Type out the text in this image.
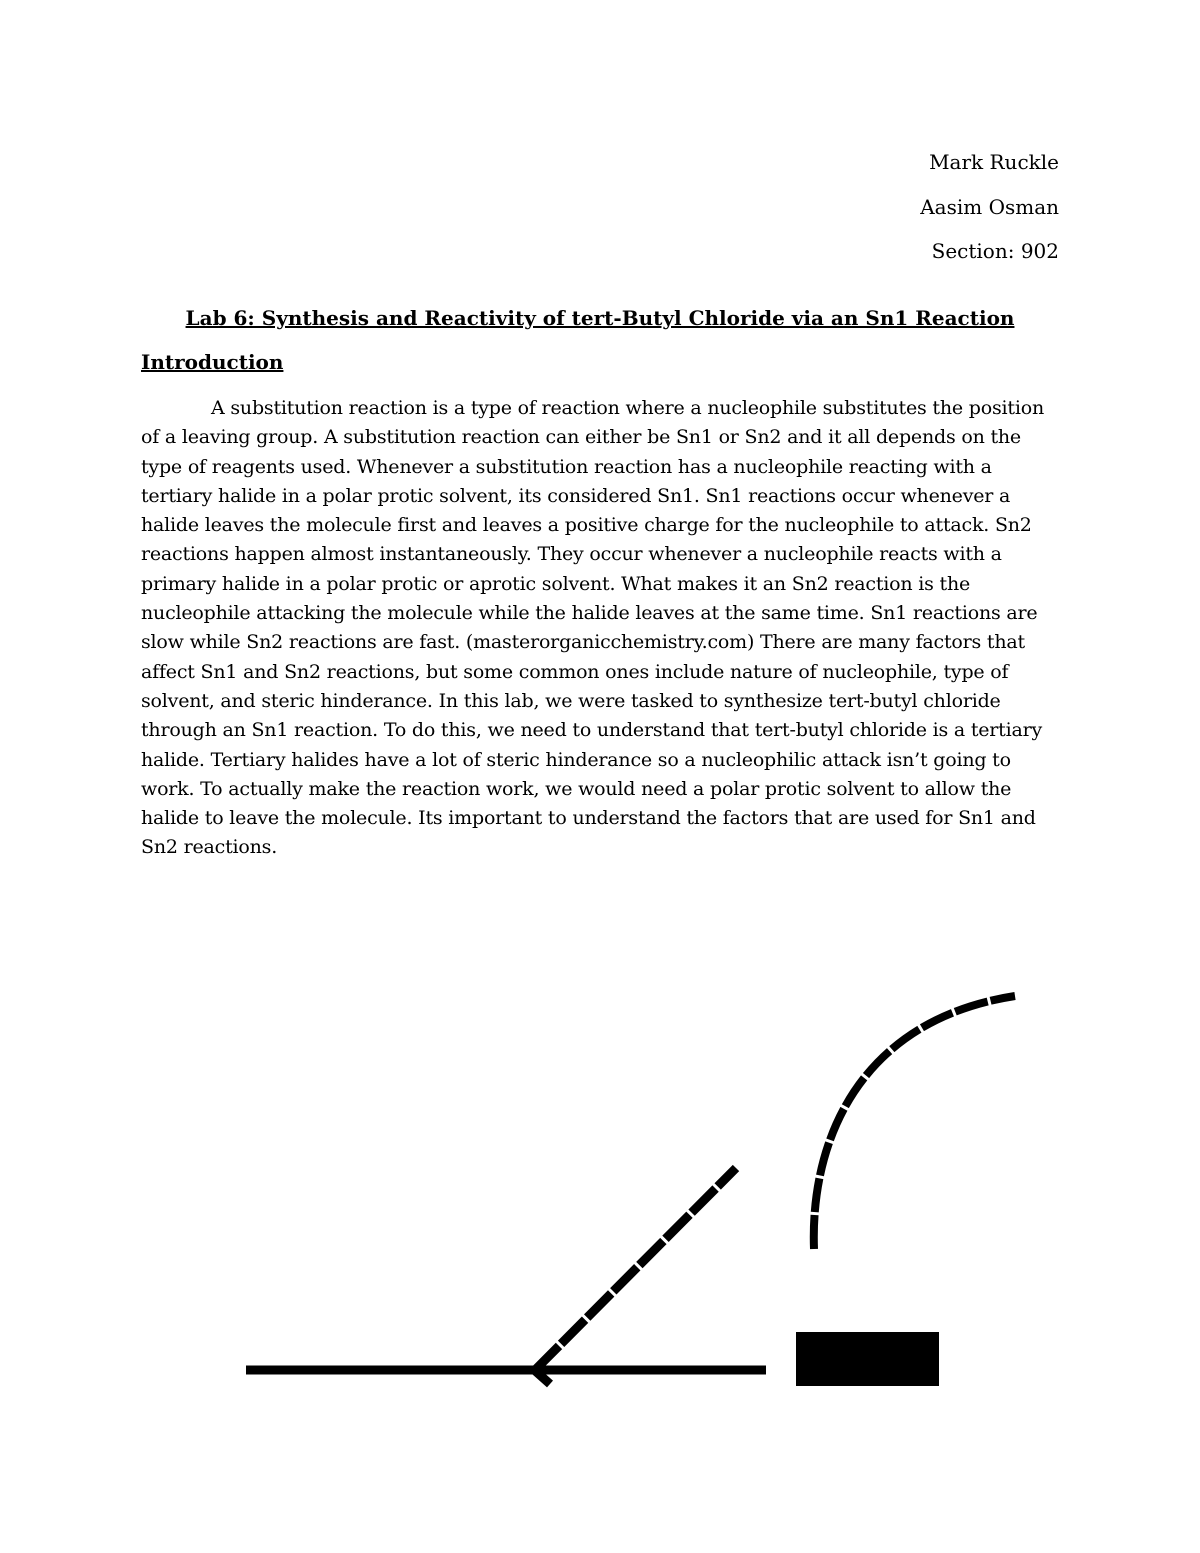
Mark Ruckle
Aasim Osman
Section: 902
Lab 6: Synthesis and Reactivity of tert-Butyl Chloride via an Sn1 Reaction
Introduction

A substitution reaction is a type of reaction where a nucleophile substitutes the position of a leaving group. A substitution reaction can either be Sn1 or Sn2 and it all depends on the type of reagents used. Whenever a substitution reaction has a nucleophile reacting with a tertiary halide in a polar protic solvent, its considered Sn1. Sn1 reactions occur whenever a halide leaves the molecule first and leaves a positive charge for the nucleophile to attack. Sn2 reactions happen almost instantaneously. They occur whenever a nucleophile reacts with a primary halide in a polar protic or aprotic solvent. What makes it an Sn2 reaction is the nucleophile attacking the molecule while the halide leaves at the same time. Sn1 reactions are slow while Sn2 reactions are fast. (masterorganicchemistry.com) There are many factors that affect Sn1 and Sn2 reactions, but some common ones include nature of nucleophile, type of solvent, and steric hinderance. In this lab, we were tasked to synthesize tert-butyl chloride through an Sn1 reaction. To do this, we need to understand that tert-butyl chloride is a tertiary halide. Tertiary halides have a lot of steric hinderance so a nucleophilic attack isn’t going to work. To actually make the reaction work, we would need a polar protic solvent to allow the halide to leave the molecule. Its important to understand the factors that are used for Sn1 and Sn2 reactions.
